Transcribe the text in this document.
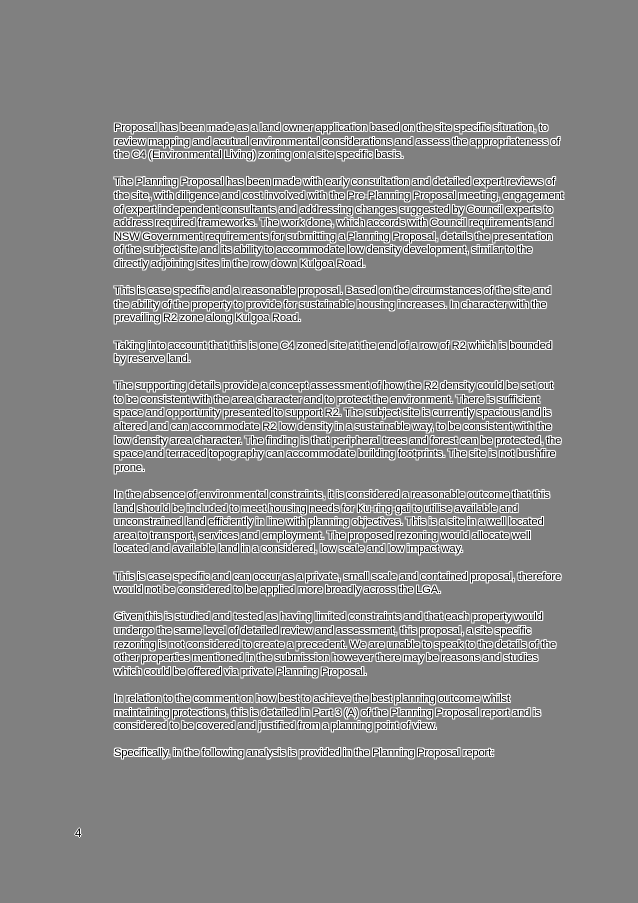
Proposal has been made as a land owner application based on the site specific situation, to review mapping and acutual environmental considerations and assess the appropriateness of the C4 (Environmental Living) zoning on a site specific basis.

The Planning Proposal has been made with early consultation and detailed expert reviews of the site, with diligence and cost involved with the Pre-Planning Proposal meeting, engagement of expert independent consultants and addressing changes suggested by Council experts to address required frameworks. The work done, which accords with Council requirements and NSW Government requirements for submitting a Planning Proposal, details the presentation of the subject site and its ability to accommodate low density development, similar to the directly adjoining sites in the row down Kulgoa Road.

This is case specific and a reasonable proposal. Based on the circumstances of the site and the ability of the property to provide for sustainable housing increases. In character with the prevailing R2 zone along Kulgoa Road.

Taking into account that this is one C4 zoned site at the end of a row of R2 which is bounded by reserve land.

The supporting details provide a concept assessment of how the R2 density could be set out to be consistent with the area character and to protect the environment. There is sufficient space and opportunity presented to support R2. The subject site is currently spacious and is altered and can accommodate R2 low density in a sustainable way, to be consistent with the low density area character. The finding is that peripheral trees and forest can be protected, the space and terraced topography can accommodate building footprints. The site is not bushfire prone.

In the absence of environmental constraints, it is considered a reasonable outcome that this land should be included to meet housing needs for Ku-ring-gai to utilise available and unconstrained land efficiently in line with planning objectives. This is a site in a well located area to transport, services and employment. The proposed rezoning would allocate well located and available land in a considered, low scale and low impact way.

This is case specific and can occur as a private, small scale and contained proposal, therefore would not be considered to be applied more broadly across the LGA.

Given this is studied and tested as having limited constraints and that each property would undergo the same level of detailed review and assessment, this proposal, a site specific rezoning is not considered to create a precedent. We are unable to speak to the details of the other properties mentioned in the submission however there may be reasons and studies which could be offered via private Planning Proposal.

In relation to the comment on how best to achieve the best planning outcome whilst maintaining protections, this is detailed in Part 3 (A) of the Planning Proposal report and is considered to be covered and justified from a planning point of view.

Specifically, in the following analysis is provided in the Planning Proposal report:

4
